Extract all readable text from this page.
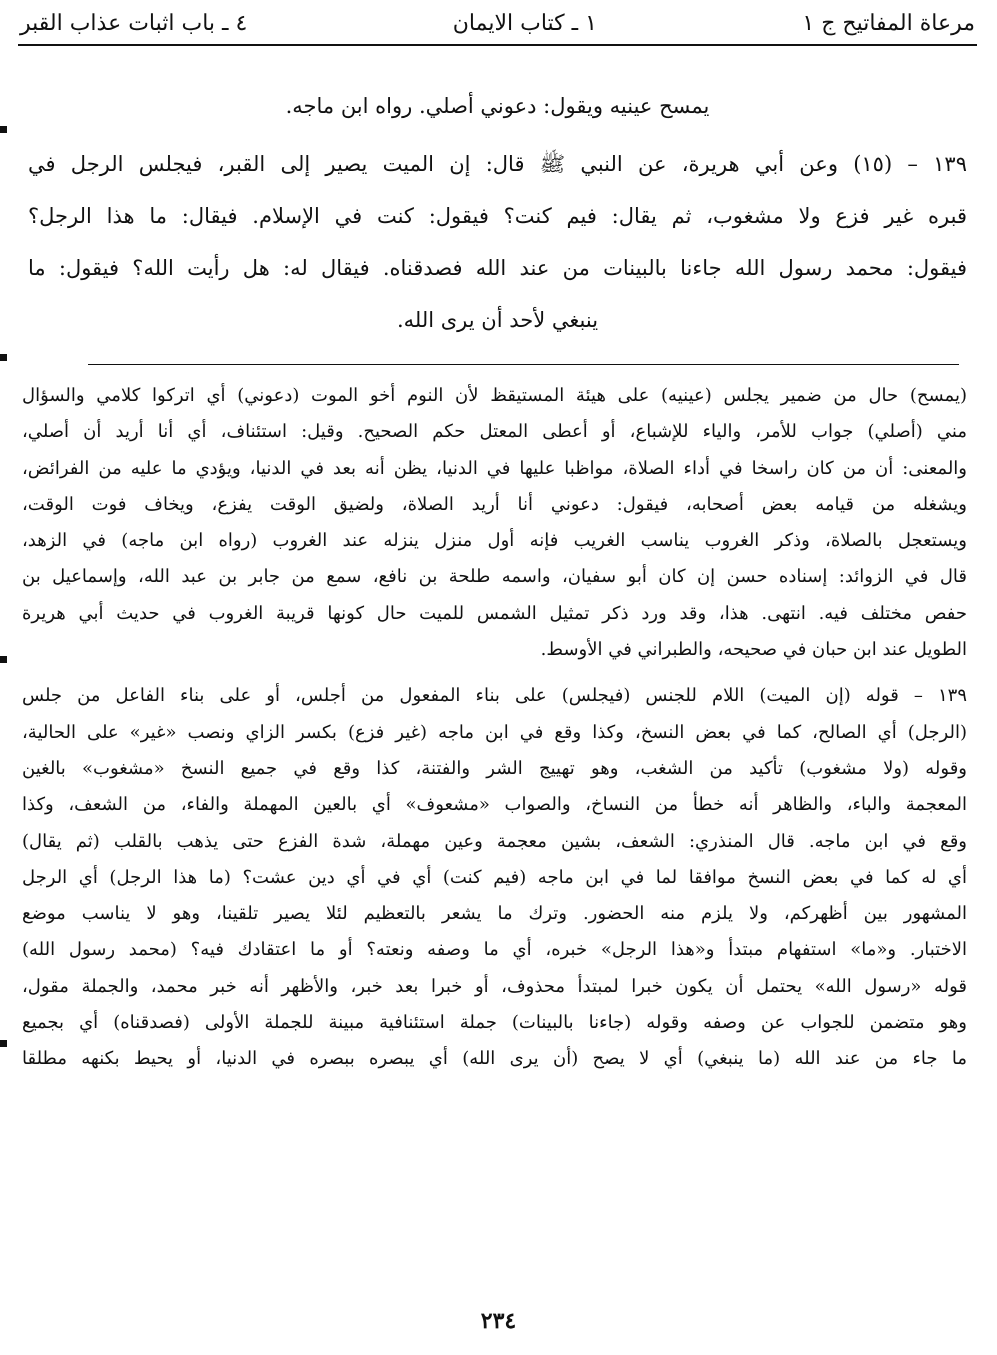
مرعاة المفاتيح ج ١
١ ـ كتاب الايمان
٤ ـ باب اثبات عذاب القبر
يمسح عينيه ويقول: دعوني أصلي. رواه ابن ماجه.
١٣٩ – (١٥) وعن أبي هريرة، عن النبي ﷺ قال: إن الميت يصير إلى القبر، فيجلس الرجل في
قبره غير فزع ولا مشغوب، ثم يقال: فيم كنت؟ فيقول: كنت في الإسلام. فيقال: ما هذا الرجل؟
فيقول: محمد رسول الله جاءنا بالبينات من عند الله فصدقناه. فيقال له: هل رأيت الله؟ فيقول: ما
ينبغي لأحد أن يرى الله.
(يمسح) حال من ضمير يجلس (عينيه) على هيئة المستيقظ لأن النوم أخو الموت (دعوني) أي اتركوا كلامي والسؤال
مني (أصلي) جواب للأمر، والياء للإشباع، أو أعطى المعتل حكم الصحيح. وقيل: استئناف، أي أنا أريد أن أصلي،
والمعنى: أن من كان راسخا في أداء الصلاة، مواظبا عليها في الدنيا، يظن أنه بعد في الدنيا، ويؤدي ما عليه من الفرائض،
ويشغله من قيامه بعض أصحابه، فيقول: دعوني أنا أريد الصلاة، ولضيق الوقت يفزع، ويخاف فوت الوقت،
ويستعجل بالصلاة، وذكر الغروب يناسب الغريب فإنه أول منزل ينزله عند الغروب (رواه ابن ماجه) في الزهد،
قال في الزوائد: إسناده حسن إن كان أبو سفيان، واسمه طلحة بن نافع، سمع من جابر بن عبد الله، وإسماعيل بن
حفص مختلف فيه. انتهى. هذا، وقد ورد ذكر تمثيل الشمس للميت حال كونها قريبة الغروب في حديث أبي هريرة
الطويل عند ابن حبان في صحيحه، والطبراني في الأوسط.
١٣٩ – قوله (إن الميت) اللام للجنس (فيجلس) على بناء المفعول من أجلس، أو على بناء الفاعل من جلس
(الرجل) أي الصالح، كما في بعض النسخ، وكذا وقع في ابن ماجه (غير فزع) بكسر الزاي ونصب «غير» على الحالية،
وقوله (ولا مشغوب) تأكيد من الشغب، وهو تهييج الشر والفتنة، كذا وقع في جميع النسخ «مشغوب» بالغين
المعجمة والباء، والظاهر أنه خطأ من النساخ، والصواب «مشعوف» أي بالعين المهملة والفاء، من الشعف، وكذا
وقع في ابن ماجه. قال المنذري: الشعف، بشين معجمة وعين مهملة، شدة الفزع حتى يذهب بالقلب (ثم يقال)
أي له كما في بعض النسخ موافقا لما في ابن ماجه (فيم كنت) أي في أي دين عشت؟ (ما هذا الرجل) أي الرجل
المشهور بين أظهركم، ولا يلزم منه الحضور. وترك ما يشعر بالتعظيم لئلا يصير تلقينا، وهو لا يناسب موضع
الاختبار. و«ما» استفهام مبتدأ و«هذا الرجل» خبره، أي ما وصفه ونعته؟ أو ما اعتقادك فيه؟ (محمد رسول الله)
قوله «رسول الله» يحتمل أن يكون خبرا لمبتدأ محذوف، أو خبرا بعد خبر، والأظهر أنه خبر محمد، والجملة مقول،
وهو متضمن للجواب عن وصفه وقوله (جاءنا بالبينات) جملة استئنافية مبينة للجملة الأولى (فصدقناه) أي بجميع
ما جاء من عند الله (ما ينبغي) أي لا يصح (أن يرى الله) أي يبصره ببصره في الدنيا، أو يحيط بكنهه مطلقا
٢٣٤
